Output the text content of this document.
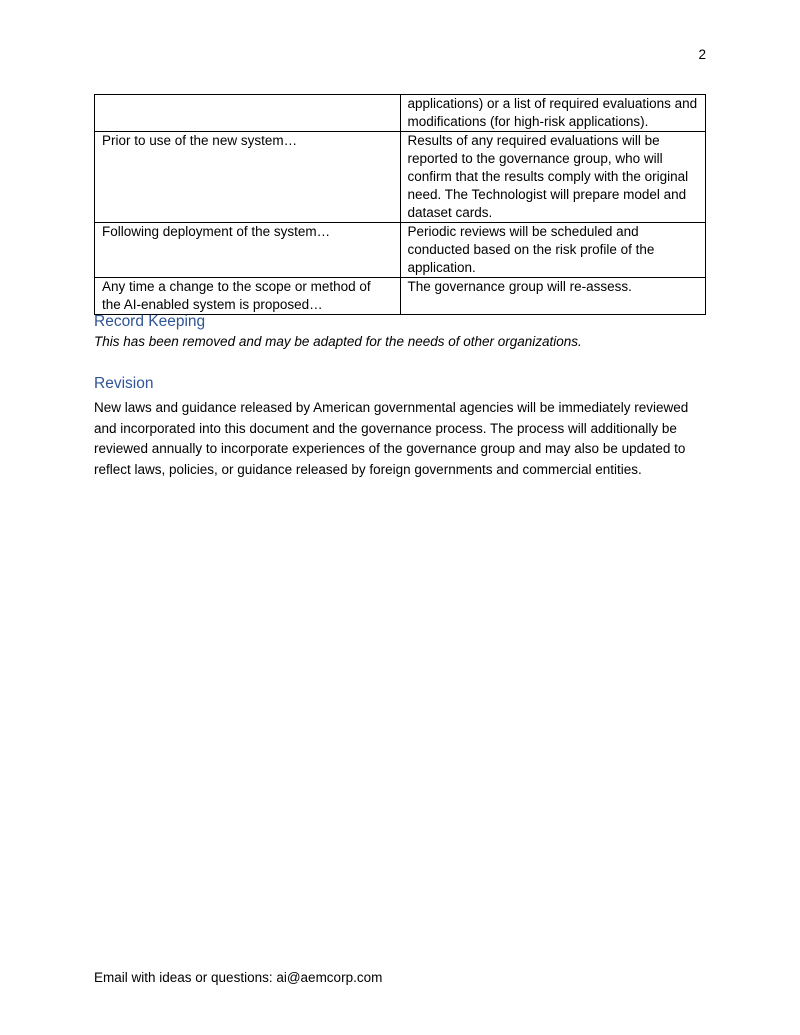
2
	applications) or a list of required evaluations and modifications (for high-risk applications).
Prior to use of the new system…	Results of any required evaluations will be reported to the governance group, who will confirm that the results comply with the original need. The Technologist will prepare model and dataset cards.
Following deployment of the system…	Periodic reviews will be scheduled and conducted based on the risk profile of the application.
Any time a change to the scope or method of the AI-enabled system is proposed…	The governance group will re-assess.
Record Keeping

This has been removed and may be adapted for the needs of other organizations.

Revision

New laws and guidance released by American governmental agencies will be immediately reviewed and incorporated into this document and the governance process. The process will additionally be reviewed annually to incorporate experiences of the governance group and may also be updated to reflect laws, policies, or guidance released by foreign governments and commercial entities.

Email with ideas or questions: ai@aemcorp.com
